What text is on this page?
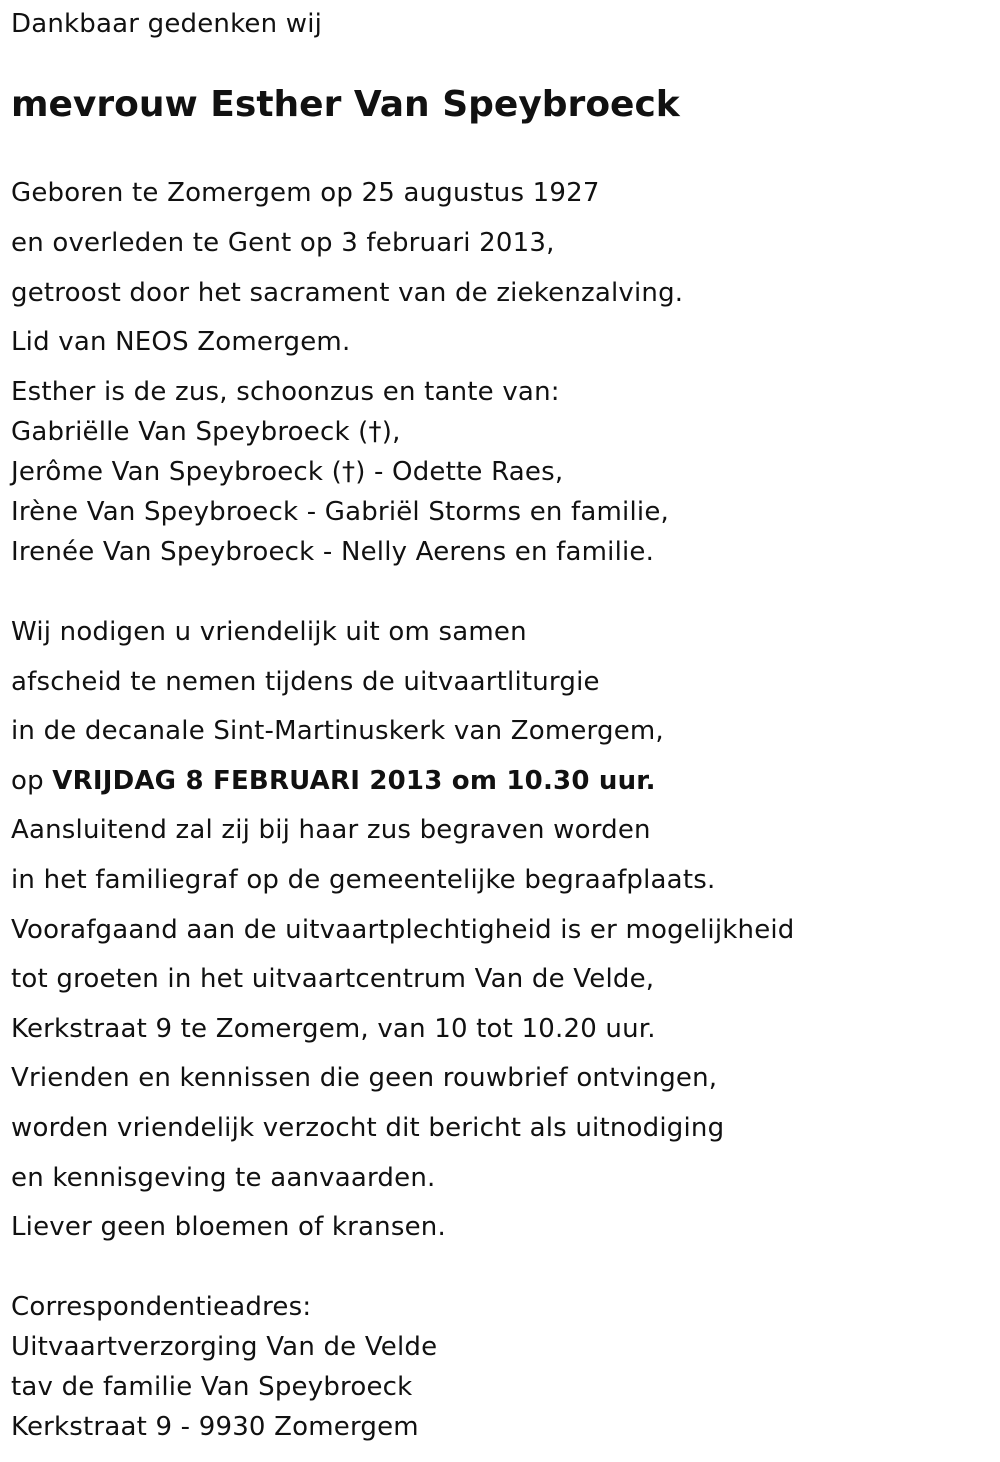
Dankbaar gedenken wij
mevrouw Esther Van Speybroeck
Geboren te Zomergem op 25 augustus 1927
en overleden te Gent op 3 februari 2013,
getroost door het sacrament van de ziekenzalving.
Lid van NEOS Zomergem.
Esther is de zus, schoonzus en tante van:
Gabriëlle Van Speybroeck (†),
Jerôme Van Speybroeck (†) - Odette Raes,
Irène Van Speybroeck - Gabriël Storms en familie,
Irenée Van Speybroeck - Nelly Aerens en familie.
Wij nodigen u vriendelijk uit om samen
afscheid te nemen tijdens de uitvaartliturgie
in de decanale Sint-Martinuskerk van Zomergem,
op VRIJDAG 8 FEBRUARI 2013 om 10.30 uur.
Aansluitend zal zij bij haar zus begraven worden
in het familiegraf op de gemeentelijke begraafplaats.
Voorafgaand aan de uitvaartplechtigheid is er mogelijkheid
tot groeten in het uitvaartcentrum Van de Velde,
Kerkstraat 9 te Zomergem, van 10 tot 10.20 uur.
Vrienden en kennissen die geen rouwbrief ontvingen,
worden vriendelijk verzocht dit bericht als uitnodiging
en kennisgeving te aanvaarden.
Liever geen bloemen of kransen.
Correspondentieadres:
Uitvaartverzorging Van de Velde
tav de familie Van Speybroeck
Kerkstraat 9 - 9930 Zomergem
